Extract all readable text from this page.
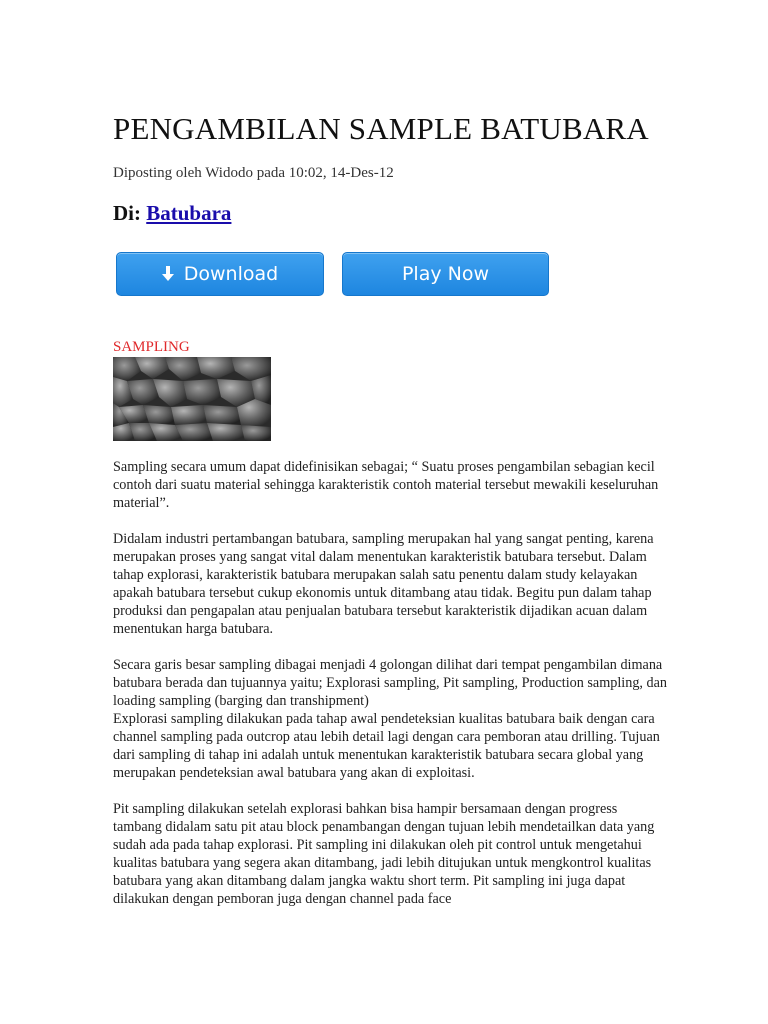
PENGAMBILAN SAMPLE BATUBARA
Diposting oleh Widodo pada 10:02, 14-Des-12
Di: Batubara
Download	Play Now
SAMPLING

Sampling secara umum dapat didefinisikan sebagai; “ Suatu proses pengambilan sebagian kecil contoh dari suatu material sehingga karakteristik contoh material tersebut mewakili keseluruhan material”.

Didalam industri pertambangan batubara, sampling merupakan hal yang sangat penting, karena merupakan proses yang sangat vital dalam menentukan karakteristik batubara tersebut. Dalam tahap explorasi, karakteristik batubara merupakan salah satu penentu dalam study kelayakan apakah batubara tersebut cukup ekonomis untuk ditambang atau tidak. Begitu pun dalam tahap produksi dan pengapalan atau penjualan batubara tersebut karakteristik dijadikan acuan dalam menentukan harga batubara.

Secara garis besar sampling dibagai menjadi 4 golongan dilihat dari tempat pengambilan dimana batubara berada dan tujuannya yaitu; Explorasi sampling, Pit sampling, Production sampling, dan loading sampling (barging dan transhipment)

Explorasi sampling dilakukan pada tahap awal pendeteksian kualitas batubara baik dengan cara channel sampling pada outcrop atau lebih detail lagi dengan cara pemboran atau drilling. Tujuan dari sampling di tahap ini adalah untuk menentukan karakteristik batubara secara global yang merupakan pendeteksian awal batubara yang akan di exploitasi.

Pit sampling dilakukan setelah explorasi bahkan bisa hampir bersamaan dengan progress tambang didalam satu pit atau block penambangan dengan tujuan lebih mendetailkan data yang sudah ada pada tahap explorasi. Pit sampling ini dilakukan oleh pit control untuk mengetahui kualitas batubara yang segera akan ditambang, jadi lebih ditujukan untuk mengkontrol kualitas batubara yang akan ditambang dalam jangka waktu short term. Pit sampling ini juga dapat dilakukan dengan pemboran juga dengan channel pada face
